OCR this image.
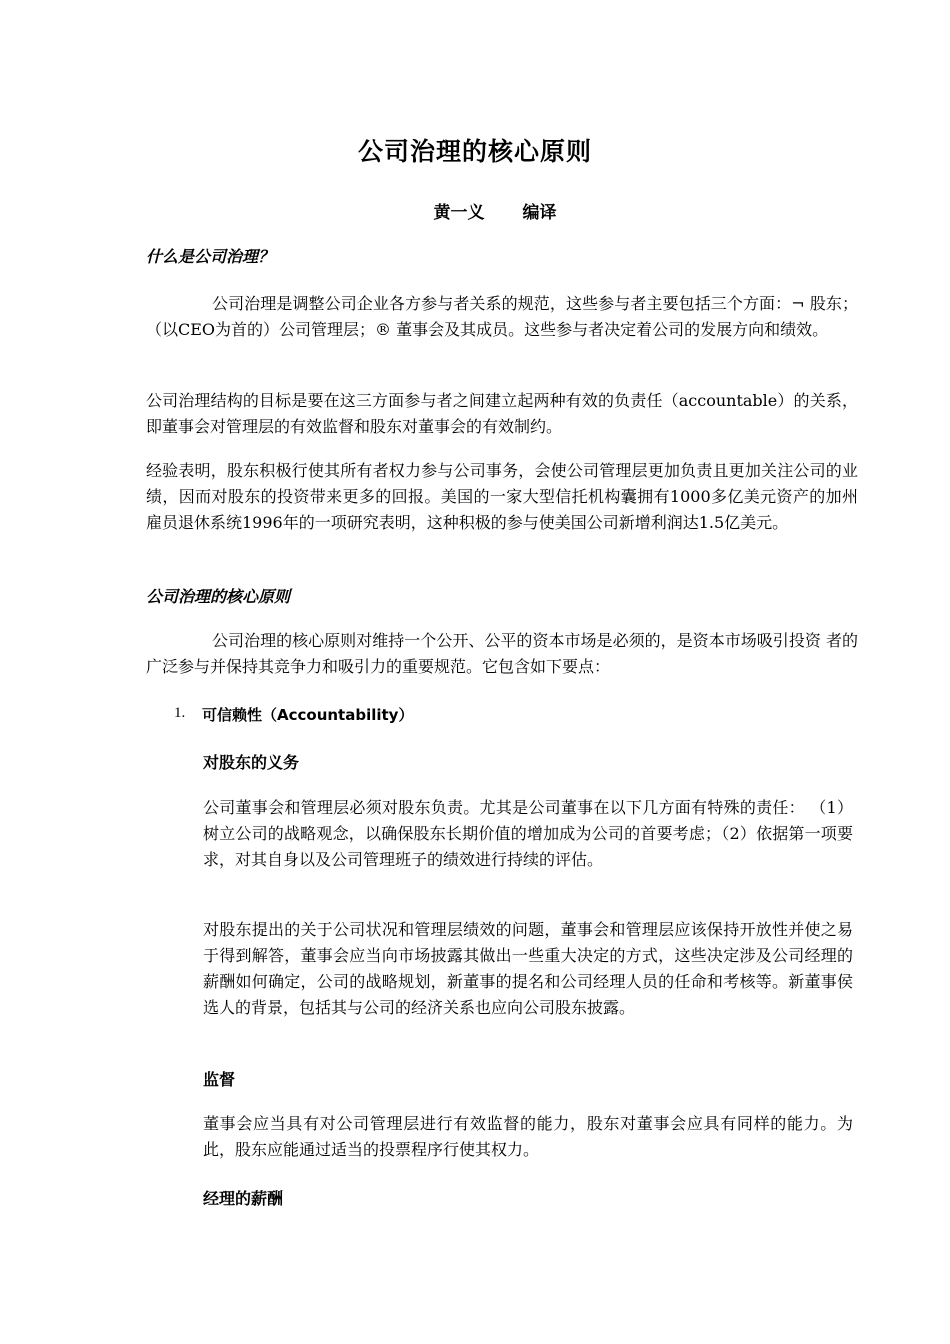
公司治理的核心原则
黄一义 编译
什么是公司治理？

公司治理是调整公司企业各方参与者关系的规范，这些参与者主要包括三个方面：¬ 股东； （以CEO为首的）公司管理层；® 董事会及其成员。这些参与者决定着公司的发展方向和绩效。

公司治理结构的目标是要在这三方面参与者之间建立起两种有效的负责任（accountable）的关系，即董事会对管理层的有效监督和股东对董事会的有效制约。

经验表明，股东积极行使其所有者权力参与公司事务，会使公司管理层更加负责且更加关注公司的业绩，因而对股东的投资带来更多的回报。美国的一家大型信托机构囊拥有1000多亿美元资产的加州雇员退休系统1996年的一项研究表明，这种积极的参与使美国公司新增利润达1.5亿美元。

公司治理的核心原则

公司治理的核心原则对维持一个公开、公平的资本市场是必须的，是资本市场吸引投资 者的广泛参与并保持其竞争力和吸引力的重要规范。它包含如下要点：

1. 可信赖性（Accountability）
对股东的义务

公司董事会和管理层必须对股东负责。尤其是公司董事在以下几方面有特殊的责任： （1）树立公司的战略观念，以确保股东长期价值的增加成为公司的首要考虑；（2）依据第一项要求，对其自身以及公司管理班子的绩效进行持续的评估。

对股东提出的关于公司状况和管理层绩效的问题，董事会和管理层应该保持开放性并使之易于得到解答，董事会应当向市场披露其做出一些重大决定的方式，这些决定涉及公司经理的薪酬如何确定，公司的战略规划，新董事的提名和公司经理人员的任命和考核等。新董事侯选人的背景，包括其与公司的经济关系也应向公司股东披露。

监督

董事会应当具有对公司管理层进行有效监督的能力，股东对董事会应具有同样的能力。为此，股东应能通过适当的投票程序行使其权力。

经理的薪酬
